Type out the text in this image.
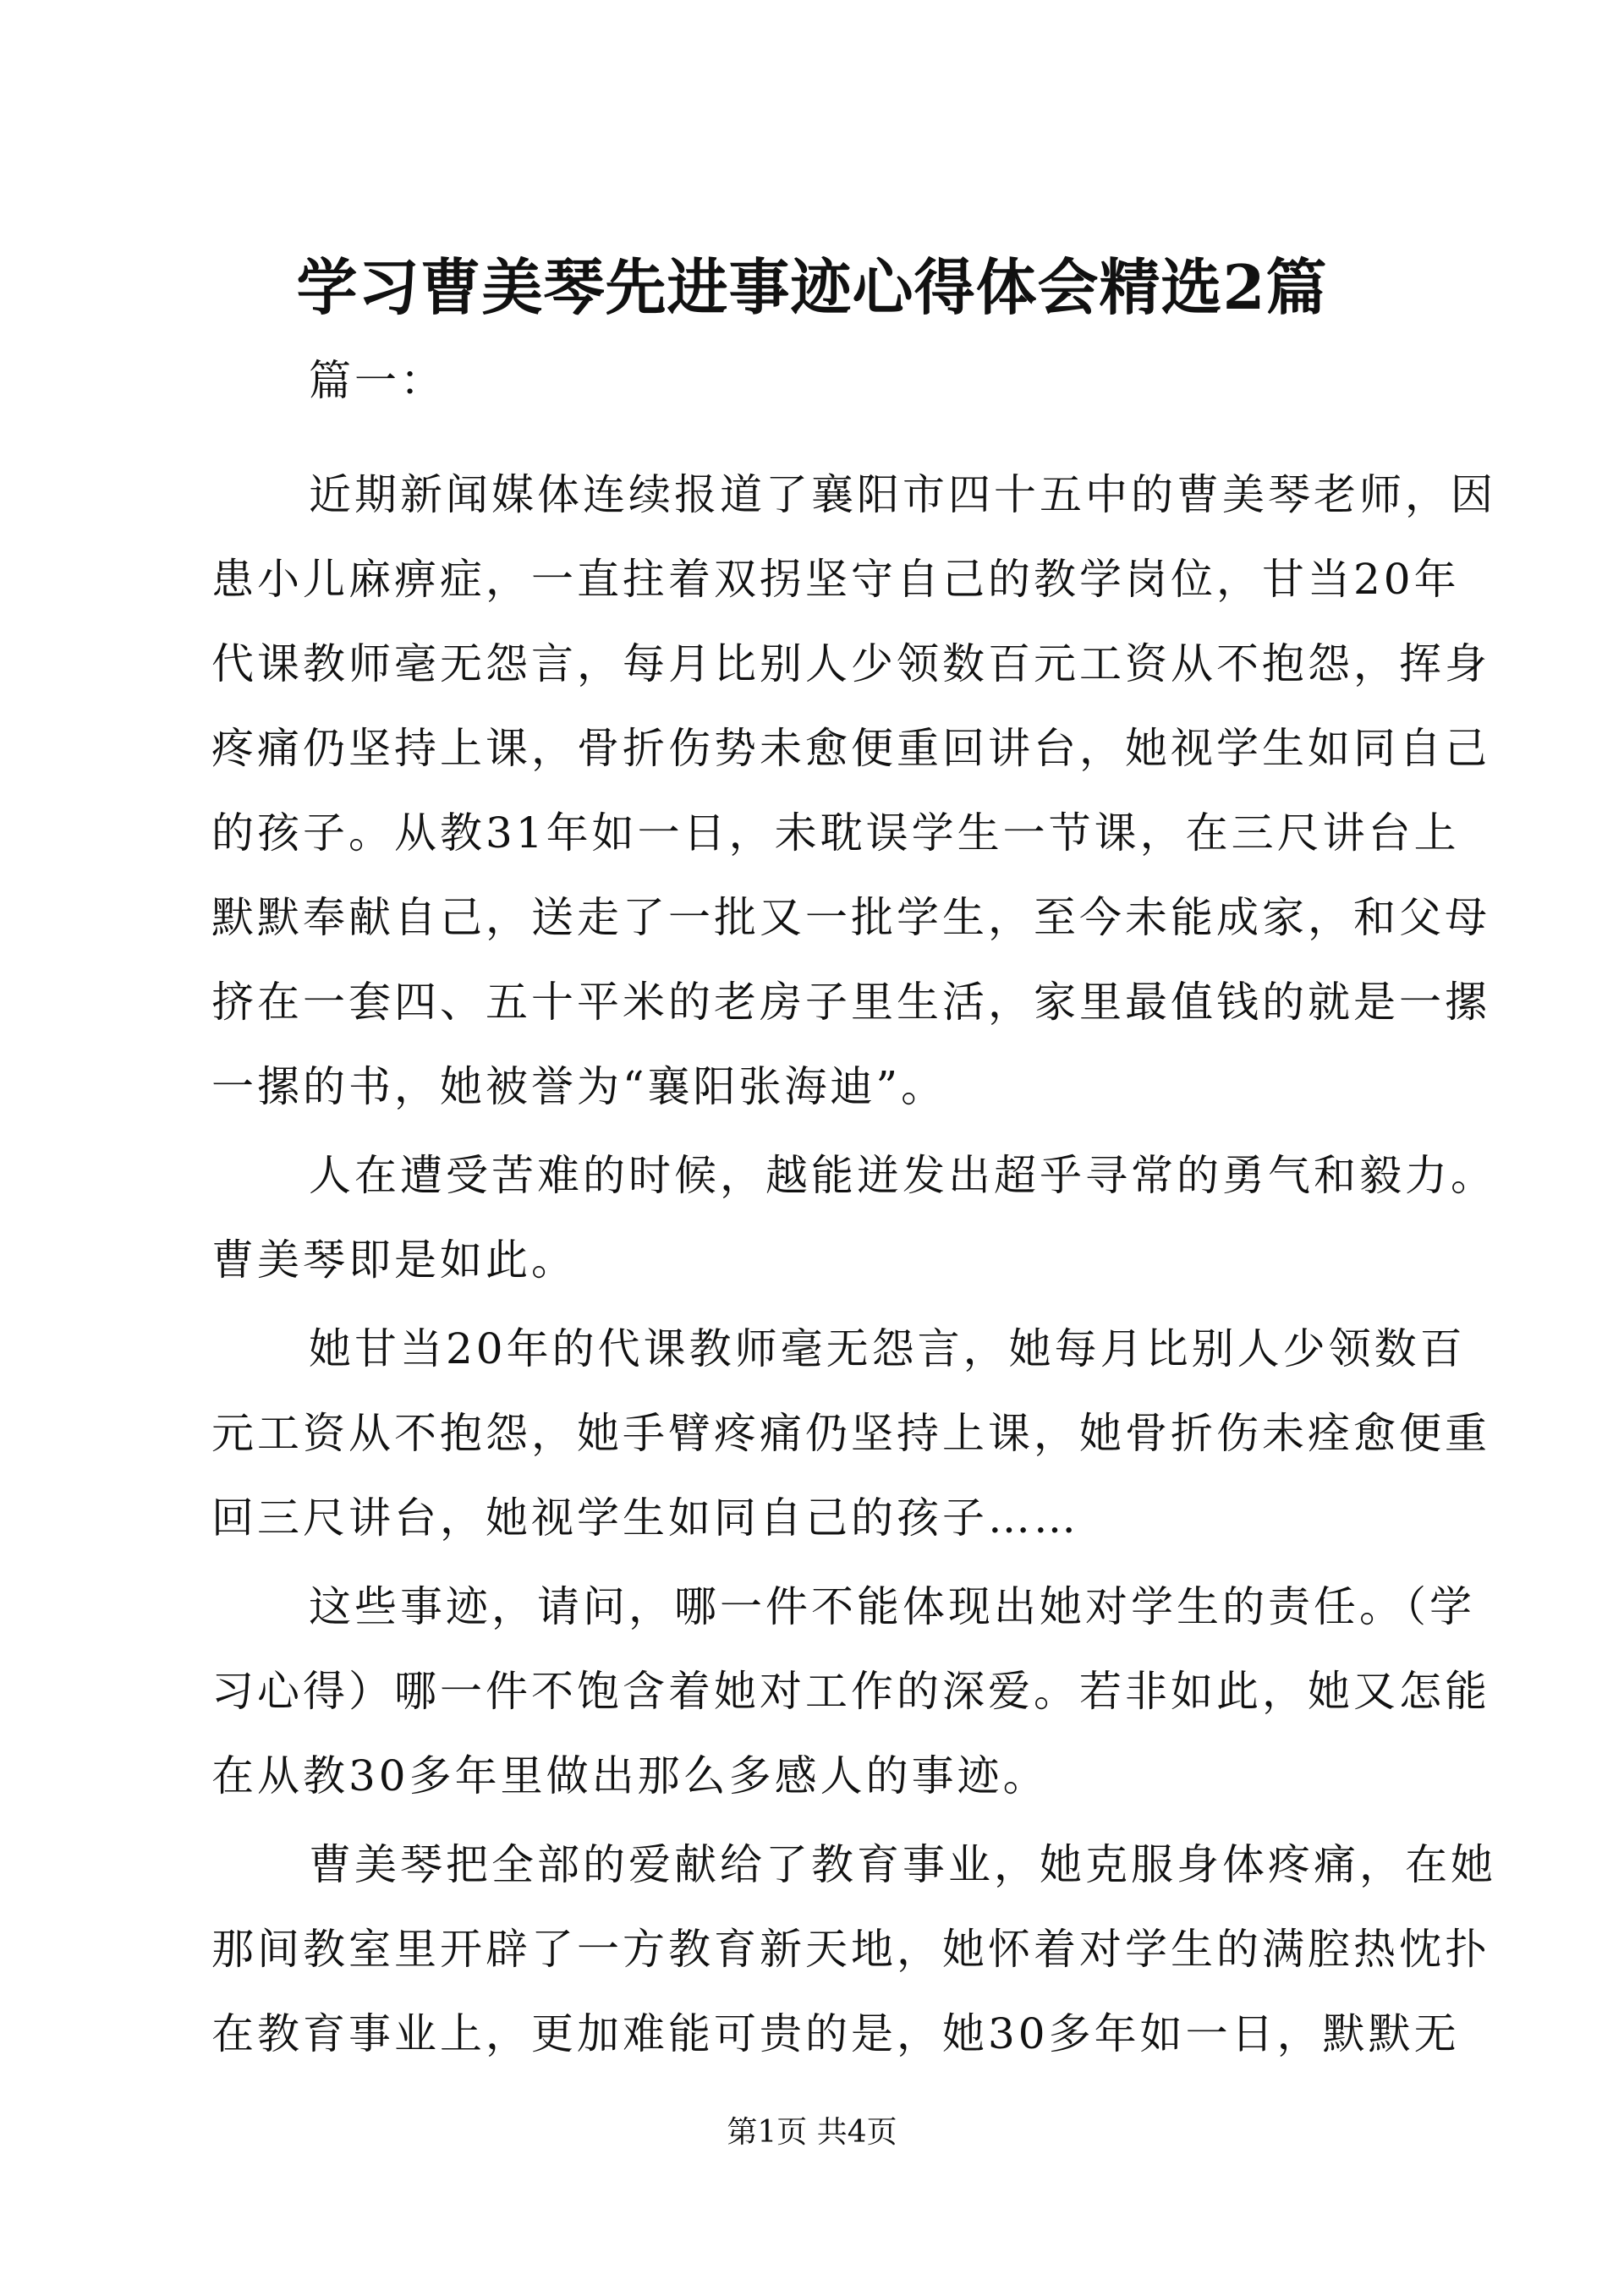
学习曹美琴先进事迹心得体会精选2篇
篇一：
近期新闻媒体连续报道了襄阳市四十五中的曹美琴老师，因
患小儿麻痹症，一直拄着双拐坚守自己的教学岗位，甘当20年
代课教师毫无怨言，每月比别人少领数百元工资从不抱怨，挥身
疼痛仍坚持上课，骨折伤势未愈便重回讲台，她视学生如同自己
的孩子。从教31年如一日，未耽误学生一节课，在三尺讲台上
默默奉献自己，送走了一批又一批学生，至今未能成家，和父母
挤在一套四、五十平米的老房子里生活，家里最值钱的就是一摞
一摞的书，她被誉为“襄阳张海迪”。
人在遭受苦难的时候，越能迸发出超乎寻常的勇气和毅力。
曹美琴即是如此。
她甘当20年的代课教师毫无怨言，她每月比别人少领数百
元工资从不抱怨，她手臂疼痛仍坚持上课，她骨折伤未痊愈便重
回三尺讲台，她视学生如同自己的孩子……
这些事迹，请问，哪一件不能体现出她对学生的责任。（学
习心得）哪一件不饱含着她对工作的深爱。若非如此，她又怎能
在从教30多年里做出那么多感人的事迹。
曹美琴把全部的爱献给了教育事业，她克服身体疼痛，在她
那间教室里开辟了一方教育新天地，她怀着对学生的满腔热忱扑
在教育事业上，更加难能可贵的是，她30多年如一日，默默无
第1页 共4页
